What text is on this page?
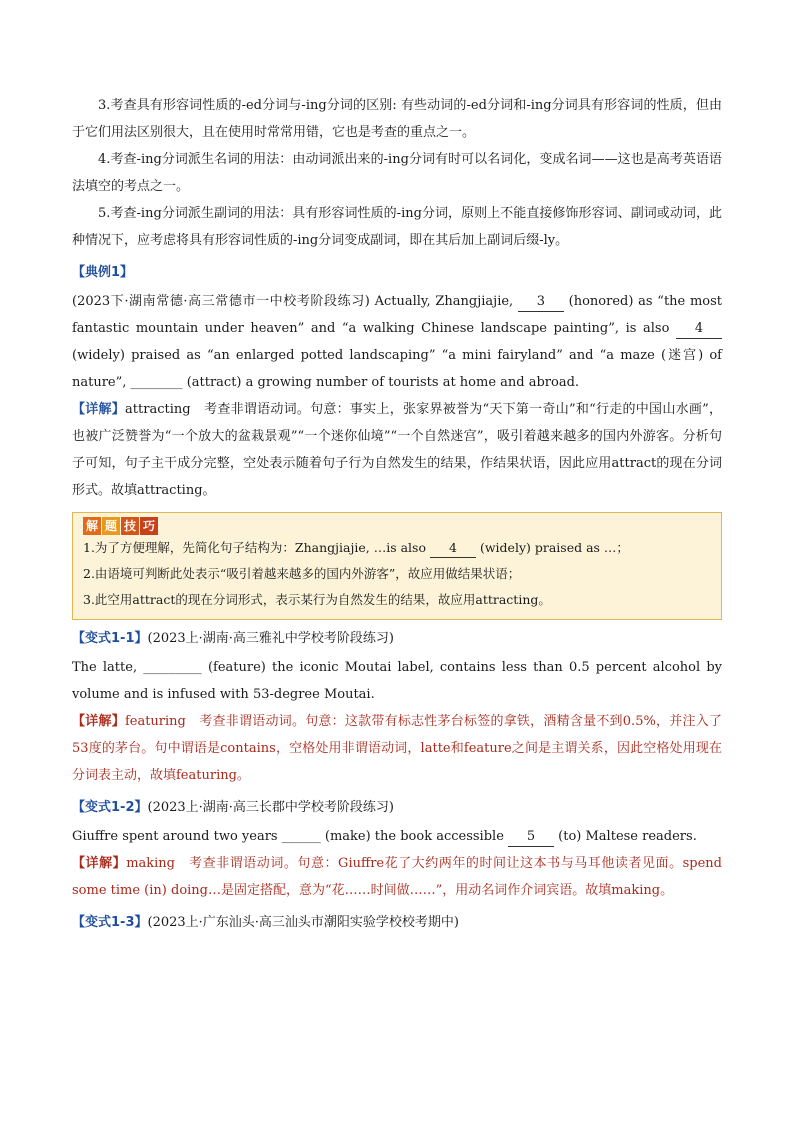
3.考查具有形容词性质的-ed分词与-ing分词的区别: 有些动词的-ed分词和-ing分词具有形容词的性质，但由于它们用法区别很大，且在使用时常常用错，它也是考查的重点之一。

4.考查-ing分词派生名词的用法：由动词派出来的-ing分词有时可以名词化，变成名词——这也是高考英语语法填空的考点之一。

5.考查-ing分词派生副词的用法：具有形容词性质的-ing分词，原则上不能直接修饰形容词、副词或动词，此种情况下，应考虑将具有形容词性质的-ing分词变成副词，即在其后加上副词后缀-ly。

【典例1】

(2023下·湖南常德·高三常德市一中校考阶段练习) Actually, Zhangjiajie, 3 (honored) as “the most fantastic mountain under heaven” and “a walking Chinese landscape painting”, is also 4 (widely) praised as “an enlarged potted landscaping” “a mini fairyland” and “a maze (迷宫) of nature”, ________ (attract) a growing number of tourists at home and abroad.

【详解】attracting　考查非谓语动词。句意：事实上，张家界被誉为“天下第一奇山”和“行走的中国山水画”，也被广泛赞誉为“一个放大的盆栽景观”“一个迷你仙境”“一个自然迷宫”，吸引着越来越多的国内外游客。分析句子可知，句子主干成分完整，空处表示随着句子行为自然发生的结果，作结果状语，因此应用attract的现在分词形式。故填attracting。

解 题 技 巧
1.为了方便理解，先简化句子结构为：Zhangjiajie, …is also 4 (widely) praised as …；
2.由语境可判断此处表示“吸引着越来越多的国内外游客”，故应用做结果状语；
3.此空用attract的现在分词形式，表示某行为自然发生的结果，故应用attracting。
【变式1-1】(2023上·湖南·高三雅礼中学校考阶段练习)

The latte, _________ (feature) the iconic Moutai label, contains less than 0.5 percent alcohol by volume and is infused with 53-degree Moutai.

【详解】featuring　考查非谓语动词。句意：这款带有标志性茅台标签的拿铁，酒精含量不到0.5%，并注入了53度的茅台。句中谓语是contains，空格处用非谓语动词，latte和feature之间是主谓关系，因此空格处用现在分词表主动，故填featuring。

【变式1-2】(2023上·湖南·高三长郡中学校考阶段练习)

Giuffre spent around two years ______ (make) the book accessible 5 (to) Maltese readers.

【详解】making　考查非谓语动词。句意：Giuffre花了大约两年的时间让这本书与马耳他读者见面。spend some time (in) doing…是固定搭配，意为“花……时间做……”，用动名词作介词宾语。故填making。

【变式1-3】(2023上·广东汕头·高三汕头市潮阳实验学校校考期中)
